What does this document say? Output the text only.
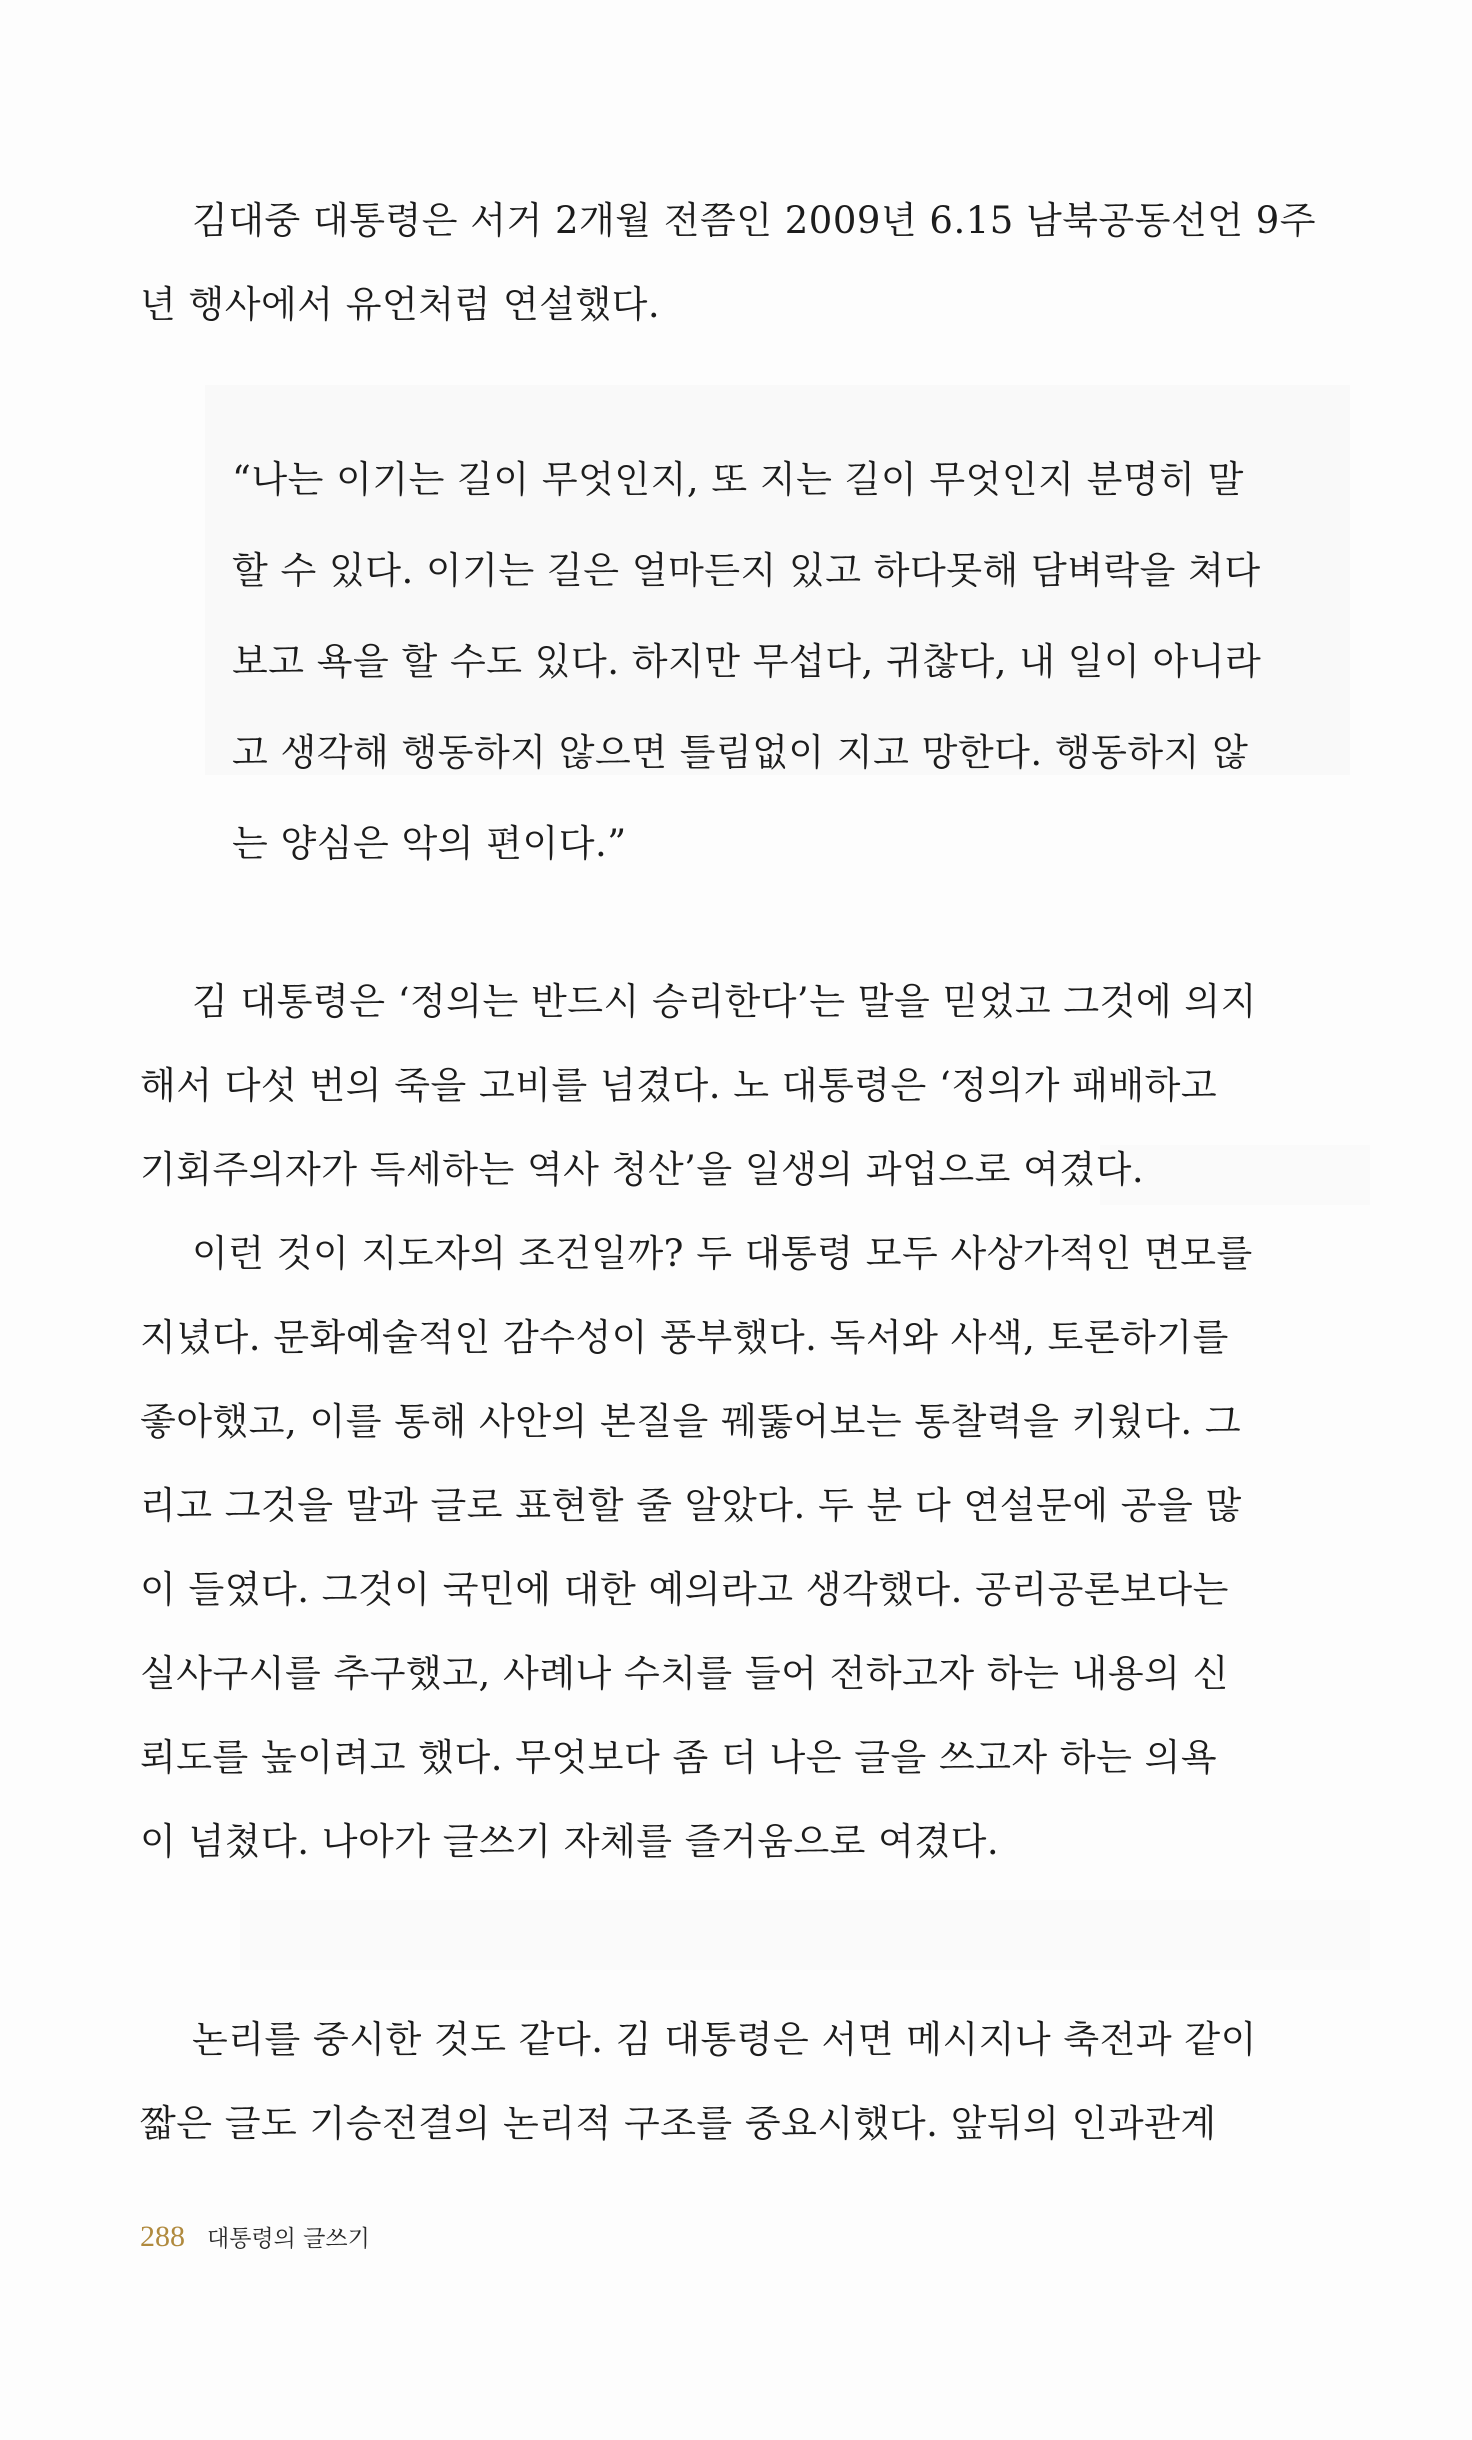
김대중 대통령은 서거 2개월 전쯤인 2009년 6.15 남북공동선언 9주
년 행사에서 유언처럼 연설했다.
“나는 이기는 길이 무엇인지, 또 지는 길이 무엇인지 분명히 말
할 수 있다. 이기는 길은 얼마든지 있고 하다못해 담벼락을 쳐다
보고 욕을 할 수도 있다. 하지만 무섭다, 귀찮다, 내 일이 아니라
고 생각해 행동하지 않으면 틀림없이 지고 망한다. 행동하지 않
는 양심은 악의 편이다.”
김 대통령은 ‘정의는 반드시 승리한다’는 말을 믿었고 그것에 의지
해서 다섯 번의 죽을 고비를 넘겼다. 노 대통령은 ‘정의가 패배하고
기회주의자가 득세하는 역사 청산’을 일생의 과업으로 여겼다.
이런 것이 지도자의 조건일까? 두 대통령 모두 사상가적인 면모를
지녔다. 문화예술적인 감수성이 풍부했다. 독서와 사색, 토론하기를
좋아했고, 이를 통해 사안의 본질을 꿰뚫어보는 통찰력을 키웠다. 그
리고 그것을 말과 글로 표현할 줄 알았다. 두 분 다 연설문에 공을 많
이 들였다. 그것이 국민에 대한 예의라고 생각했다. 공리공론보다는
실사구시를 추구했고, 사례나 수치를 들어 전하고자 하는 내용의 신
뢰도를 높이려고 했다. 무엇보다 좀 더 나은 글을 쓰고자 하는 의욕
이 넘쳤다. 나아가 글쓰기 자체를 즐거움으로 여겼다.
논리를 중시한 것도 같다. 김 대통령은 서면 메시지나 축전과 같이
짧은 글도 기승전결의 논리적 구조를 중요시했다. 앞뒤의 인과관계
288 대통령의 글쓰기
